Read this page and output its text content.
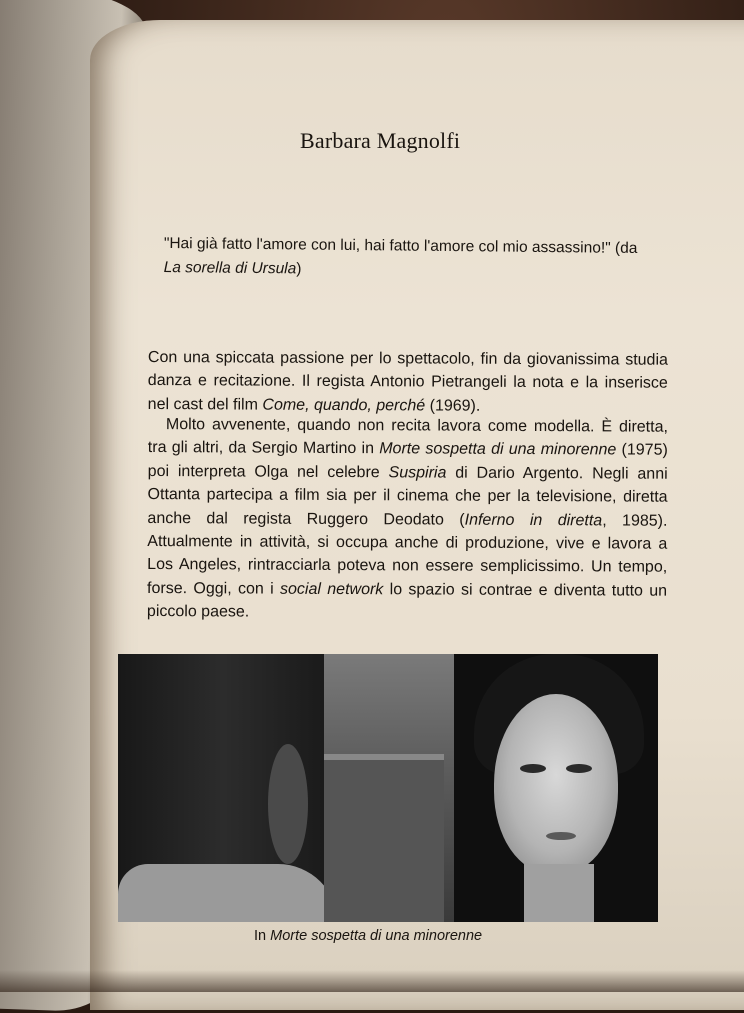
Barbara Magnolfi
"Hai già fatto l'amore con lui, hai fatto l'amore col mio assassino!" (da La sorella di Ursula)
Con una spiccata passione per lo spettacolo, fin da giovanissima studia danza e recitazione. Il regista Antonio Pietrangeli la nota e la inserisce nel cast del film Come, quando, perché (1969).
Molto avvenente, quando non recita lavora come modella. È diretta, tra gli altri, da Sergio Martino in Morte sospetta di una minorenne (1975) poi interpreta Olga nel celebre Suspiria di Dario Argento. Negli anni Ottanta partecipa a film sia per il cinema che per la televisione, diretta anche dal regista Ruggero Deodato (Inferno in diretta, 1985). Attualmente in attività, si occupa anche di produzione, vive e lavora a Los Angeles, rintracciarla poteva non essere semplicissimo. Un tempo, forse. Oggi, con i social network lo spazio si contrae e diventa tutto un piccolo paese.
In Morte sospetta di una minorenne
